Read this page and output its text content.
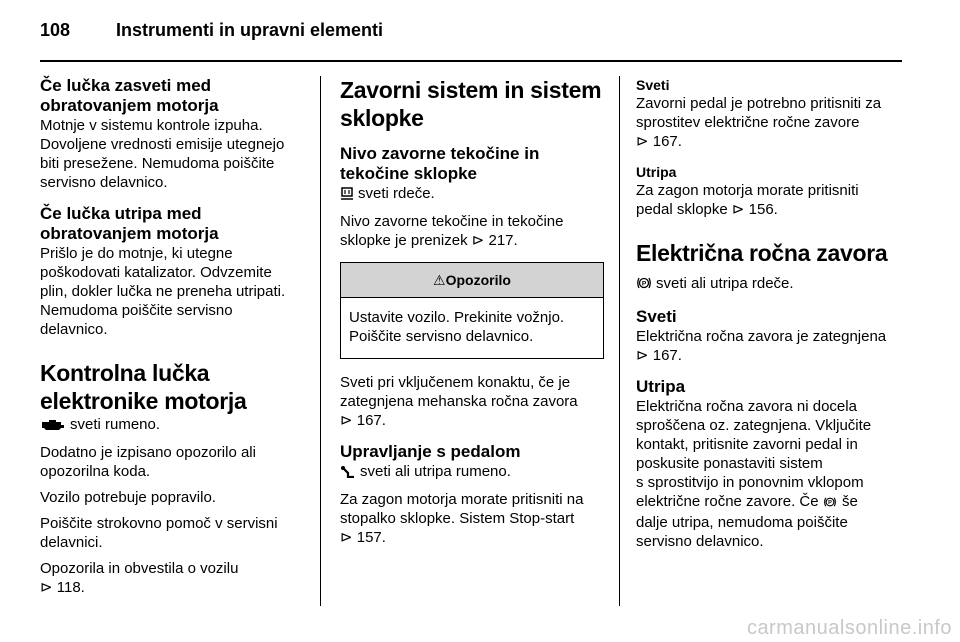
108	Instrumenti in upravni elementi
Če lučka zasveti med
obratovanjem motorja

Motnje v sistemu kontrole izpuha.
Dovoljene vrednosti emisije utegnejo
biti presežene. Nemudoma poiščite
servisno delavnico.

Če lučka utripa med
obratovanjem motorja

Prišlo je do motnje, ki utegne
poškodovati katalizator. Odvzemite
plin, dokler lučka ne preneha utripati.
Nemudoma poiščite servisno
delavnico.

Kontrolna lučka
elektronike motorja

sveti rumeno.

Dodatno je izpisano opozorilo ali
opozorilna koda.

Vozilo potrebuje popravilo.

Poiščite strokovno pomoč v servisni
delavnici.

Opozorila in obvestila o vozilu
⊳ 118.

Zavorni sistem in sistem
sklopke
Nivo zavorne tekočine in
tekočine sklopke

sveti rdeče.

Nivo zavorne tekočine in tekočine
sklopke je prenizek ⊳ 217.

⚠Opozorilo
Ustavite vozilo. Prekinite vožnjo.
Poiščite servisno delavnico.

Sveti pri vključenem konaktu, če je
zategnjena mehanska ročna zavora
⊳ 167.

Upravljanje s pedalom

sveti ali utripa rumeno.

Za zagon motorja morate pritisniti na
stopalko sklopke. Sistem Stop-start
⊳ 157.

Sveti

Zavorni pedal je potrebno pritisniti za
sprostitev električne ročne zavore
⊳ 167.

Utripa

Za zagon motorja morate pritisniti
pedal sklopke ⊳ 156.

Električna ročna zavora

P sveti ali utripa rdeče.

Sveti

Električna ročna zavora je zategnjena
⊳ 167.

Utripa

Električna ročna zavora ni docela
sproščena oz. zategnjena. Vključite
kontakt, pritisnite zavorni pedal in
poskusite ponastaviti sistem
s sprostitvijo in ponovnim vklopom
električne ročne zavore. Če P še
dalje utripa, nemudoma poiščite
servisno delavnico.

carmanualsonline.info
